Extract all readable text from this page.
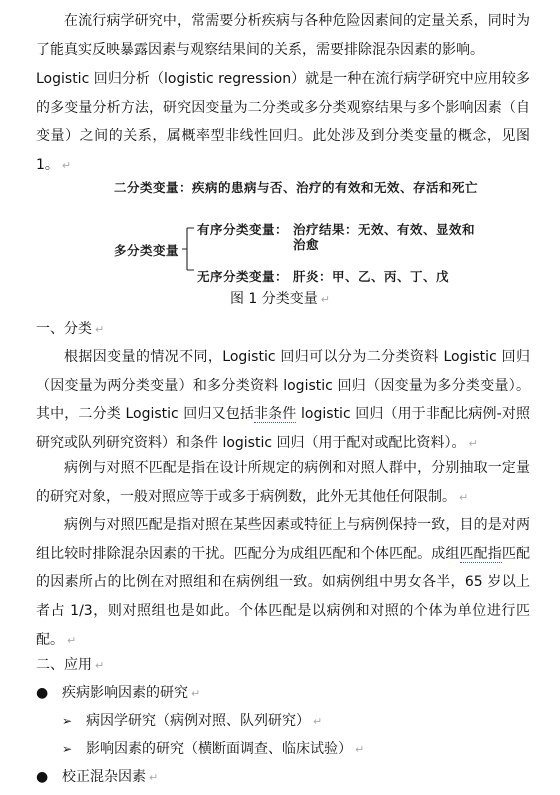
在流行病学研究中，常需要分析疾病与各种危险因素间的定量关系，同时为了能真实反映暴露因素与观察结果间的关系，需要排除混杂因素的影响。

Logistic 回归分析（logistic regression）就是一种在流行病学研究中应用较多的多变量分析方法，研究因变量为二分类或多分类观察结果与多个影响因素（自变量）之间的关系，属概率型非线性回归。此处涉及到分类变量的概念，见图1。 ↵

二分类变量：疾病的患病与否、治疗的有效和无效、存活和死亡
多分类变量
有序分类变量： 治疗结果：无效、有效、显效和
治愈
无序分类变量： 肝炎：甲、乙、丙、丁、戊
图 1 分类变量 ↵
一、分类 ↵

根据因变量的情况不同，Logistic 回归可以分为二分类资料 Logistic 回归（因变量为两分类变量）和多分类资料 logistic 回归（因变量为多分类变量）。其中，二分类 Logistic 回归又包括非条件 logistic 回归（用于非配比病例-对照研究或队列研究资料）和条件 logistic 回归（用于配对或配比资料）。 ↵

病例与对照不匹配是指在设计所规定的病例和对照人群中，分别抽取一定量的研究对象，一般对照应等于或多于病例数，此外无其他任何限制。 ↵

病例与对照匹配是指对照在某些因素或特征上与病例保持一致，目的是对两组比较时排除混杂因素的干扰。匹配分为成组匹配和个体匹配。成组匹配指匹配的因素所占的比例在对照组和在病例组一致。如病例组中男女各半，65 岁以上者占 1/3，则对照组也是如此。个体匹配是以病例和对照的个体为单位进行匹配。 ↵

二、应用 ↵
● 疾病影响因素的研究 ↵
➢ 病因学研究（病例对照、队列研究） ↵
➢ 影响因素的研究（横断面调查、临床试验） ↵
● 校正混杂因素 ↵
